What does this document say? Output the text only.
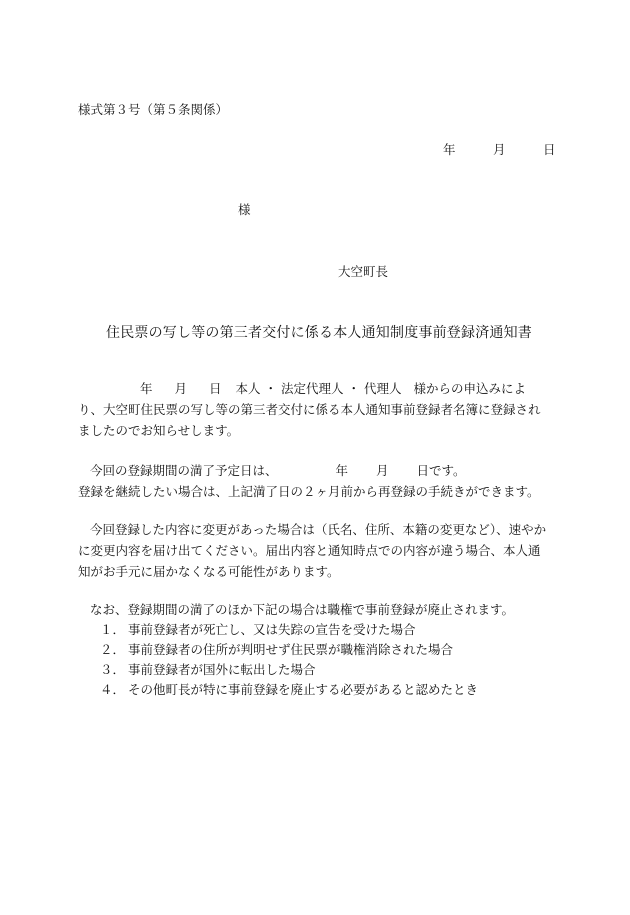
様式第３号（第５条関係）
年	月	日
様
大空町長
住民票の写し等の第三者交付に係る本人通知制度事前登録済通知書
年 月 日 本人 ・ 法定代理人 ・ 代理人 様からの申込みにより、大空町住民票の写し等の第三者交付に係る本人通知事前登録者名簿に登録されましたのでお知らせします。
今回の登録期間の満了予定日は、	年 月 日です。
登録を継続したい場合は、上記満了日の２ヶ月前から再登録の手続きができます。
今回登録した内容に変更があった場合は（氏名、住所、本籍の変更など）、速やかに変更内容を届け出てください。届出内容と通知時点での内容が違う場合、本人通知がお手元に届かなくなる可能性があります。
なお、登録期間の満了のほか下記の場合は職権で事前登録が廃止されます。
１． 事前登録者が死亡し、又は失踪の宣告を受けた場合
２． 事前登録者の住所が判明せず住民票が職権消除された場合
３． 事前登録者が国外に転出した場合
４． その他町長が特に事前登録を廃止する必要があると認めたとき
